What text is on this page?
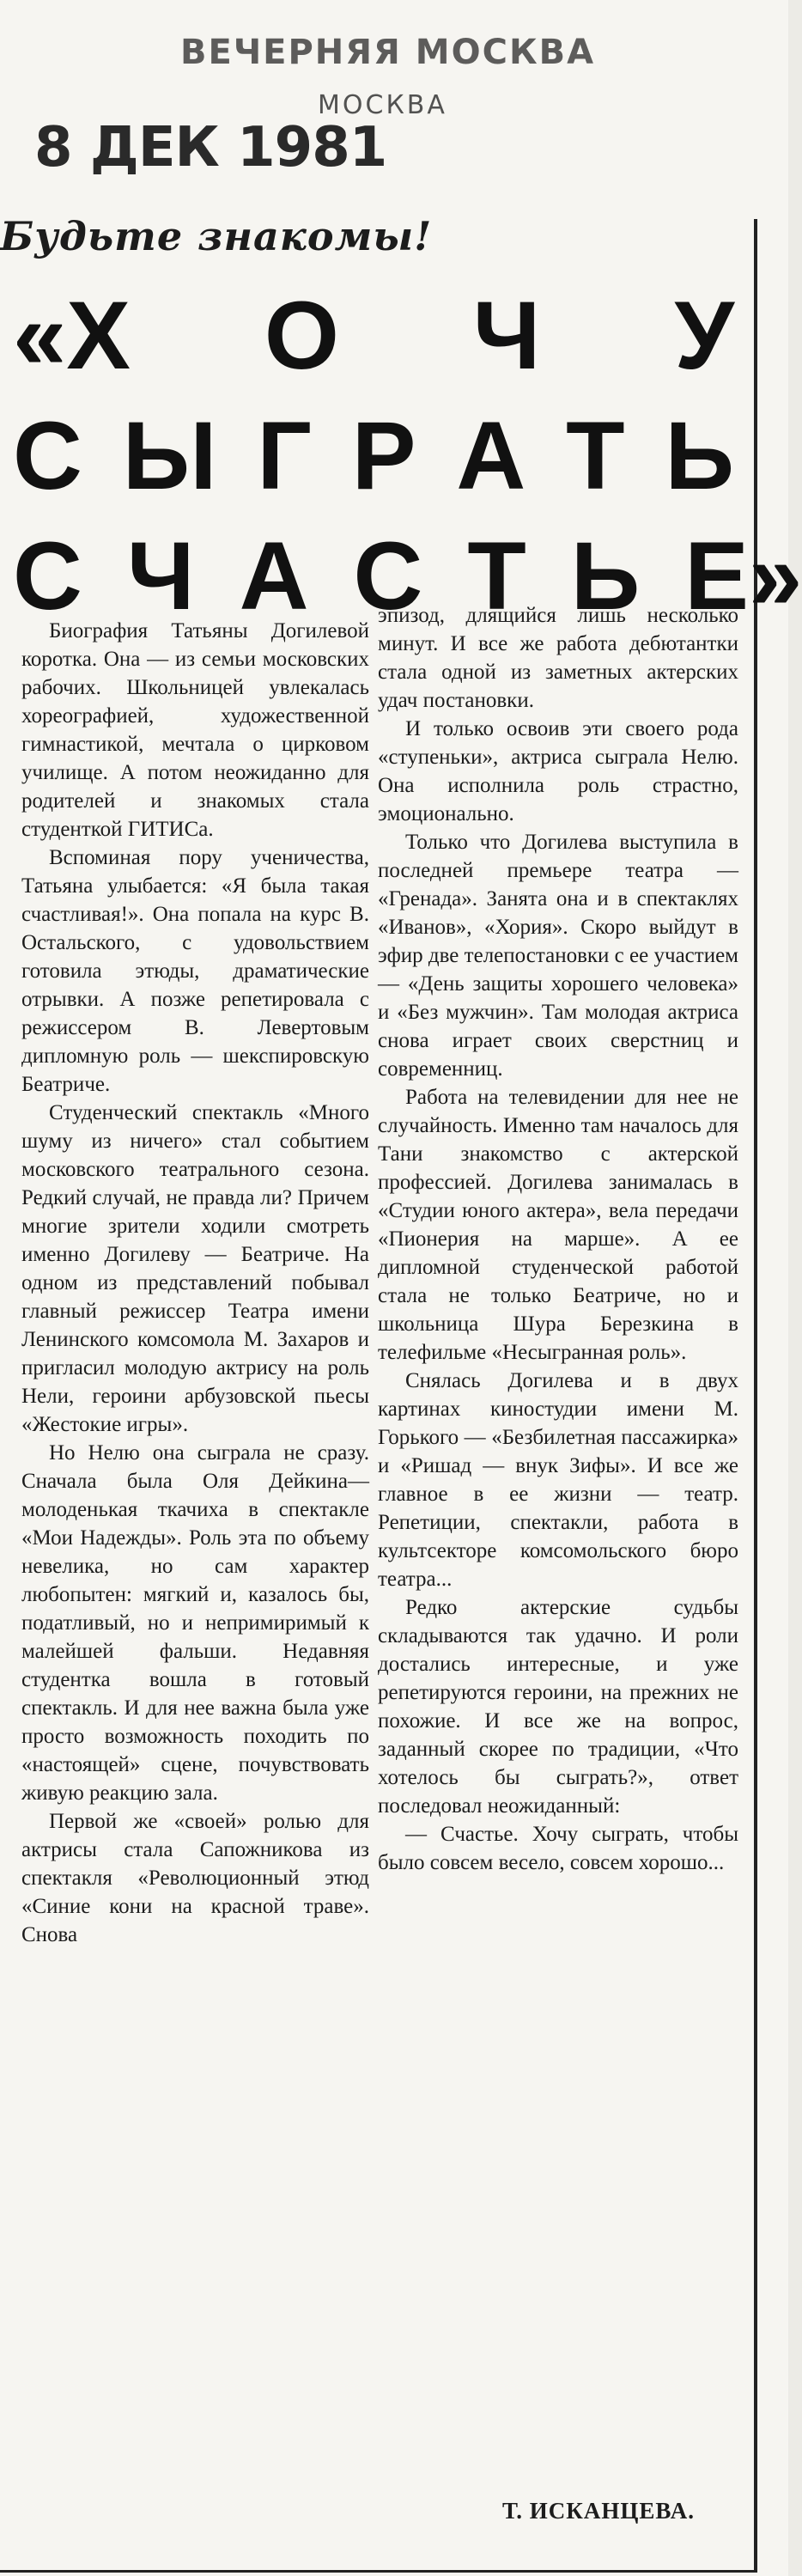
ВЕЧЕРНЯЯ МОСКВА
МОСКВА
8 ДЕК 1981
Будьте знакомы!
«Х О Ч У
С Ы Г Р А Т Ь
С Ч А С Т Ь Е»

Биография Татьяны Догилевой коротка. Она — из семьи московских рабочих. Школьницей увлекалась хореографией, художественной гимнастикой, мечтала о цирковом училище. А потом неожиданно для родителей и знакомых стала студенткой ГИТИСа.

Вспоминая пору ученичества, Татьяна улыбается: «Я была такая счастливая!». Она попала на курс В. Остальского, с удовольствием готовила этюды, драматические отрывки. А позже репетировала с режиссером В. Левертовым дипломную роль — шекспировскую Беатриче.

Студенческий спектакль «Много шуму из ничего» стал событием московского театрального сезона. Редкий случай, не правда ли? Причем многие зрители ходили смотреть именно Догилеву — Беатриче. На одном из представлений побывал главный режиссер Театра имени Ленинского комсомола М. Захаров и пригласил молодую актрису на роль Нели, героини арбузовской пьесы «Жестокие игры».

Но Нелю она сыграла не сразу. Сначала была Оля Дейкина—молоденькая ткачиха в спектакле «Мои Надежды». Роль эта по объему невелика, но сам характер любопытен: мягкий и, казалось бы, податливый, но и непримиримый к малейшей фальши. Недавняя студентка вошла в готовый спектакль. И для нее важна была уже просто возможность походить по «настоящей» сцене, почувствовать живую реакцию зала.

Первой же «своей» ролью для актрисы стала Сапожникова из спектакля «Революционный этюд «Синие кони на красной траве». Снова

эпизод, длящийся лишь несколько минут. И все же работа дебютантки стала одной из заметных актерских удач постановки.

И только освоив эти своего рода «ступеньки», актриса сыграла Нелю. Она исполнила роль страстно, эмоционально.

Только что Догилева выступила в последней премьере театра — «Гренада». Занята она и в спектаклях «Иванов», «Хория». Скоро выйдут в эфир две телепостановки с ее участием — «День защиты хорошего человека» и «Без мужчин». Там молодая актриса снова играет своих сверстниц и современниц.

Работа на телевидении для нее не случайность. Именно там началось для Тани знакомство с актерской профессией. Догилева занималась в «Студии юного актера», вела передачи «Пионерия на марше». А ее дипломной студенческой работой стала не только Беатриче, но и школьница Шура Березкина в телефильме «Несыгранная роль».

Снялась Догилева и в двух картинах киностудии имени М. Горького — «Безбилетная пассажирка» и «Ришад — внук Зифы». И все же главное в ее жизни — театр. Репетиции, спектакли, работа в культсекторе комсомольского бюро театра...

Редко актерские судьбы складываются так удачно. И роли достались интересные, и уже репетируются героини, на прежних не похожие. И все же на вопрос, заданный скорее по традиции, «Что хотелось бы сыграть?», ответ последовал неожиданный:

— Счастье. Хочу сыграть, чтобы было совсем весело, совсем хорошо...

Т. ИСКАНЦЕВА.
